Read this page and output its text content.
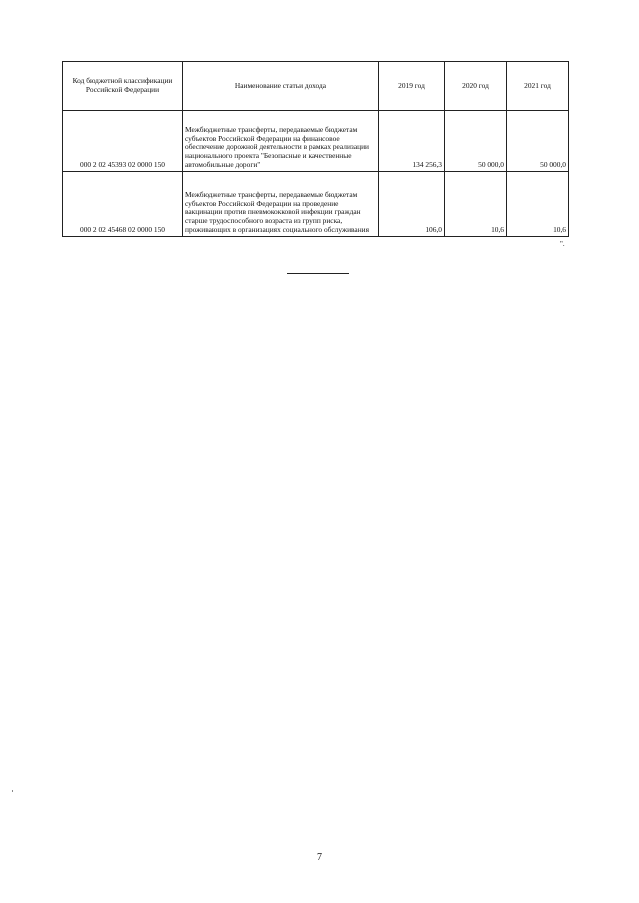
Код бюджетной классификации Российской Федерации	Наименование статьи дохода	2019 год	2020 год	2021 год
000 2 02 45393 02 0000 150	Межбюджетные трансферты, передаваемые бюджетам субъектов Российской Федерации на финансовое обеспечение дорожной деятельности в рамках реализации национального проекта "Безопасные и качественные автомобильные дороги"	134 256,3	50 000,0	50 000,0
000 2 02 45468 02 0000 150	Межбюджетные трансферты, передаваемые бюджетам субъектов Российской Федерации на проведение вакцинации против пневмококковой инфекции граждан старше трудоспособного возраста из групп риска, проживающих в организациях социального обслуживания	106,0	10,6	10,6
".
7
